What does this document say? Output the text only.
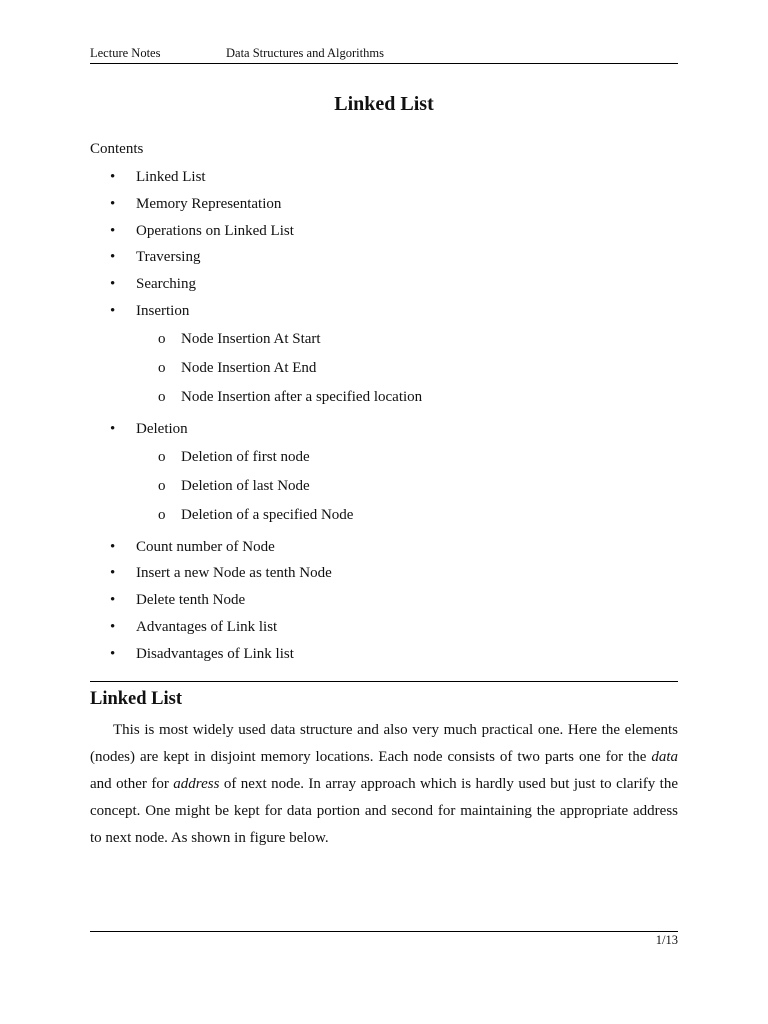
Lecture Notes	Data Structures and Algorithms
Linked List
Contents
• Linked List
• Memory Representation
• Operations on Linked List
• Traversing
• Searching
• Insertion
o Node Insertion At Start
o Node Insertion At End
o Node Insertion after a specified location
• Deletion
o Deletion of first node
o Deletion of last Node
o Deletion of a specified Node
• Count number of Node
• Insert a new Node as tenth Node
• Delete tenth Node
• Advantages of Link list
• Disadvantages of Link list
Linked List

This is most widely used data structure and also very much practical one. Here the elements (nodes) are kept in disjoint memory locations. Each node consists of two parts one for the data and other for address of next node. In array approach which is hardly used but just to clarify the concept. One might be kept for data portion and second for maintaining the appropriate address to next node. As shown in figure below.

1/13
